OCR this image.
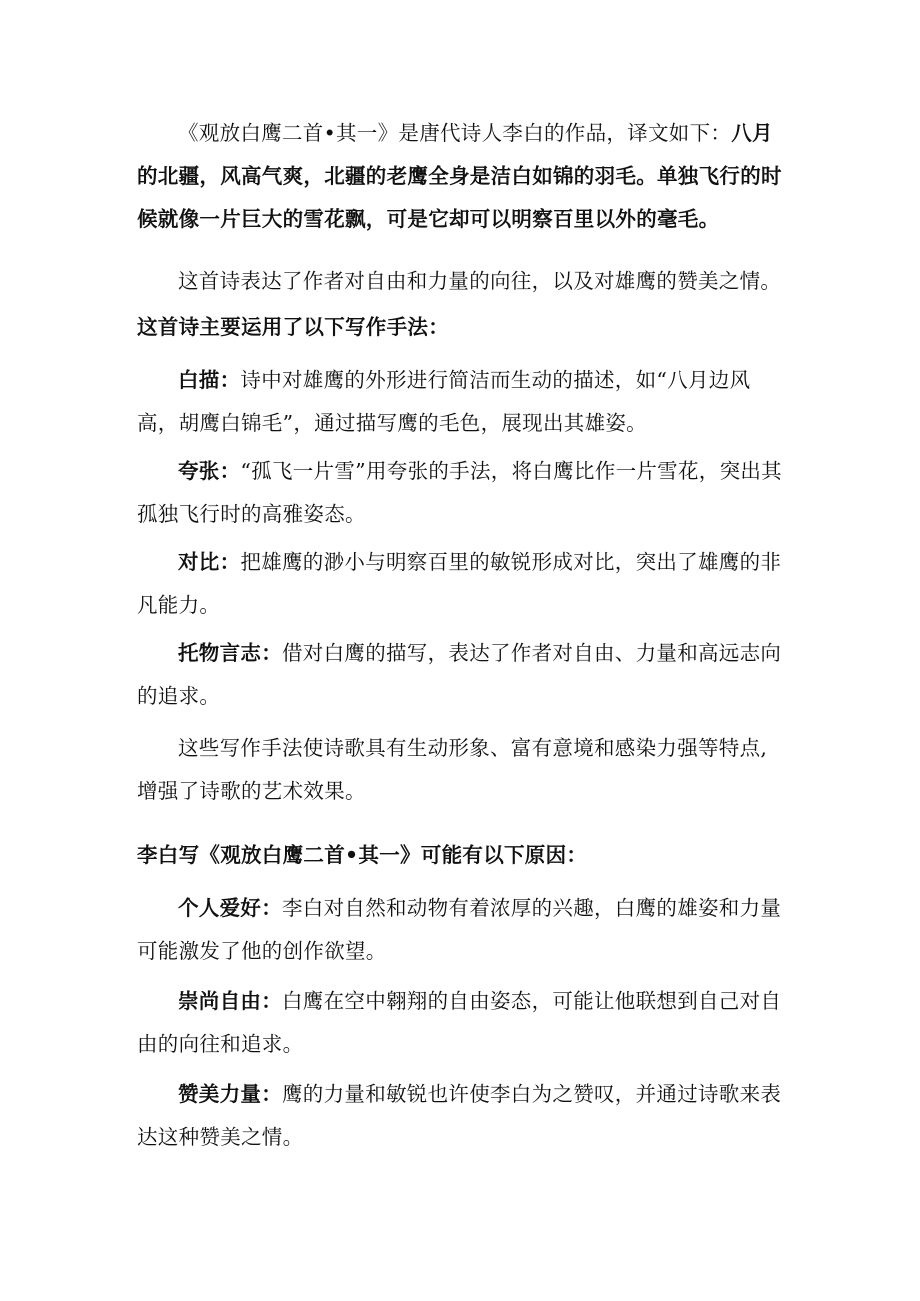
《观放白鹰二首•其一》是唐代诗人李白的作品，译文如下：八月的北疆，风高气爽，北疆的老鹰全身是洁白如锦的羽毛。单独飞行的时候就像一片巨大的雪花飘，可是它却可以明察百里以外的毫毛。

这首诗表达了作者对自由和力量的向往，以及对雄鹰的赞美之情。

这首诗主要运用了以下写作手法：

白描：诗中对雄鹰的外形进行简洁而生动的描述，如“八月边风高，胡鹰白锦毛”，通过描写鹰的毛色，展现出其雄姿。

夸张：“孤飞一片雪”用夸张的手法，将白鹰比作一片雪花，突出其孤独飞行时的高雅姿态。

对比：把雄鹰的渺小与明察百里的敏锐形成对比，突出了雄鹰的非凡能力。

托物言志：借对白鹰的描写，表达了作者对自由、力量和高远志向的追求。

这些写作手法使诗歌具有生动形象、富有意境和感染力强等特点,增强了诗歌的艺术效果。

李白写《观放白鹰二首•其一》可能有以下原因：

个人爱好：李白对自然和动物有着浓厚的兴趣，白鹰的雄姿和力量可能激发了他的创作欲望。

崇尚自由：白鹰在空中翱翔的自由姿态，可能让他联想到自己对自由的向往和追求。

赞美力量：鹰的力量和敏锐也许使李白为之赞叹，并通过诗歌来表达这种赞美之情。
